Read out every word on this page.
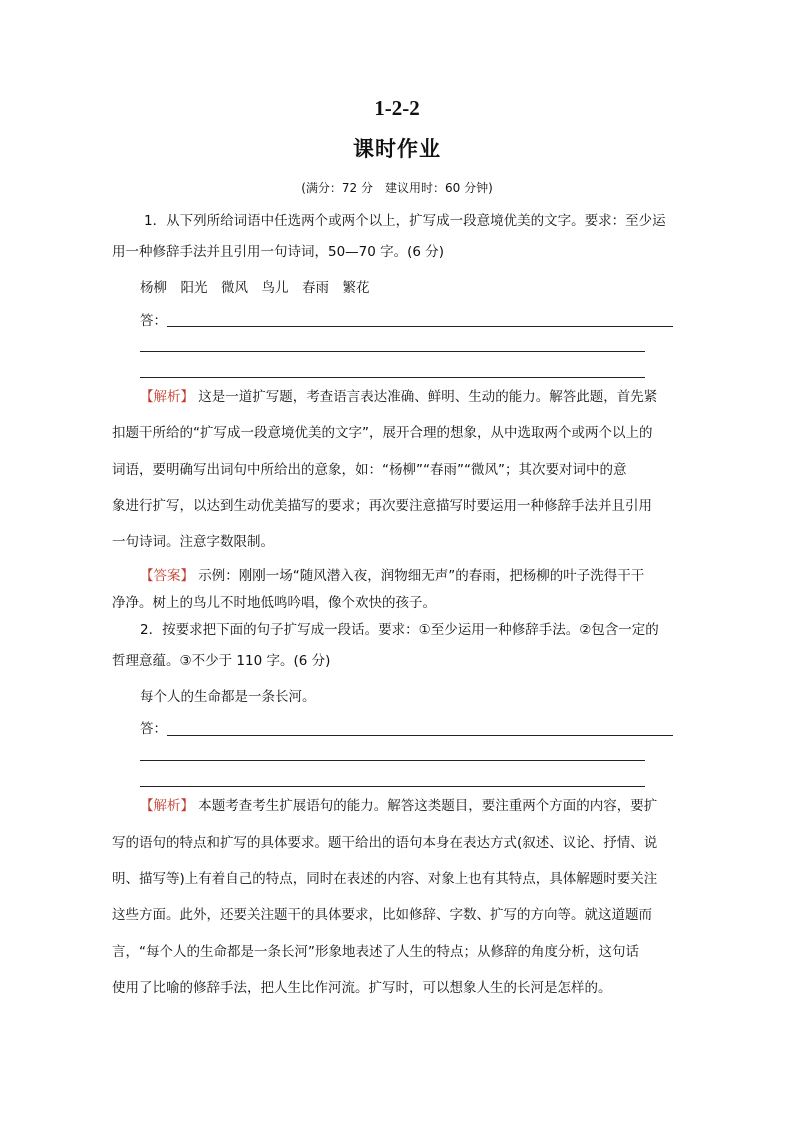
1-2-2
课时作业
(满分：72 分　建议用时：60 分钟)
1．从下列所给词语中任选两个或两个以上，扩写成一段意境优美的文字。要求：至少运
用一种修辞手法并且引用一句诗词，50—70 字。(6 分)
杨柳　阳光　微风　鸟儿　春雨　繁花
答：
【解析】 这是一道扩写题，考查语言表达准确、鲜明、生动的能力。解答此题，首先紧
扣题干所给的“扩写成一段意境优美的文字”，展开合理的想象，从中选取两个或两个以上的
词语，要明确写出词句中所给出的意象，如：“杨柳”“春雨”“微风”；其次要对词中的意
象进行扩写，以达到生动优美描写的要求；再次要注意描写时要运用一种修辞手法并且引用
一句诗词。注意字数限制。
【答案】 示例：刚刚一场“随风潜入夜，润物细无声”的春雨，把杨柳的叶子洗得干干
净净。树上的鸟儿不时地低鸣吟唱，像个欢快的孩子。
2．按要求把下面的句子扩写成一段话。要求：①至少运用一种修辞手法。②包含一定的
哲理意蕴。③不少于 110 字。(6 分)
每个人的生命都是一条长河。
答：
【解析】 本题考查考生扩展语句的能力。解答这类题目，要注重两个方面的内容，要扩
写的语句的特点和扩写的具体要求。题干给出的语句本身在表达方式(叙述、议论、抒情、说
明、描写等)上有着自己的特点，同时在表述的内容、对象上也有其特点，具体解题时要关注
这些方面。此外，还要关注题干的具体要求，比如修辞、字数、扩写的方向等。就这道题而
言，“每个人的生命都是一条长河”形象地表述了人生的特点；从修辞的角度分析，这句话
使用了比喻的修辞手法，把人生比作河流。扩写时，可以想象人生的长河是怎样的。
